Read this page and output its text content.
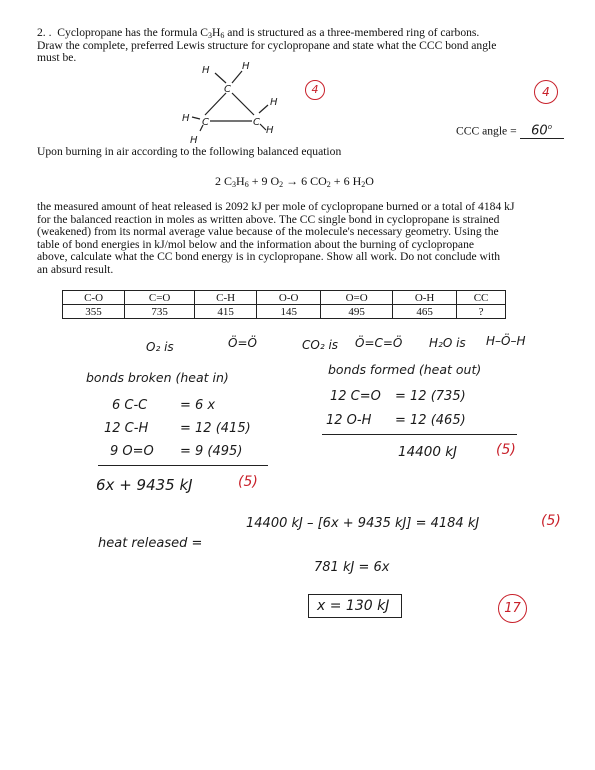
2. . Cyclopropane has the formula $C_3H_6$ and is structured as a three-membered ring of carbons.
Draw the complete, preferred Lewis structure for cyclopropane and state what the CCC bond angle
must be.
H	H
C
H C	C
H
H
H
4	4
CCC angle = $60^o$
Upon burning in air according to the following balanced equation
2 $C_3H_6 + 9$ $O_2 \to 6$ $CO_2 + 6$ $H_2O$
the measured amount of heat released is 2092 kJ per mole of cyclopropane burned or a total of 4184 kJ
for the balanced reaction in moles as written above. The CC single bond in cyclopropane is strained
(weakened) from its normal average value because of the molecule's necessary geometry. Using the
table of bond energies in kJ/mol below and the information about the burning of cyclopropane
above, calculate what the CC bond energy is in cyclopropane. Show all work. Do not conclude with
an absurd result.
C-O	C=O	C-H	O-O	O=O	O-H	CC
355	735	415	145	495	465	?
O₂ is	Ö=Ö	CO₂ is Ö=C=Ö H₂O is H–Ö–H
bonds broken (heat in)
6 C-C	= 6 x
12 C-H = 12 (415)
9 O=O = 9 (495)
6x + 9435 kJ	(5)
bonds formed (heat out)
12 C=O = 12 (735)
12 O-H = 12 (465)
14400 kJ	(5)
heat released =
14400 kJ – [6x + 9435 kJ] = 4184 kJ	(5)
781 kJ = 6x
x = 130 kJ	17
